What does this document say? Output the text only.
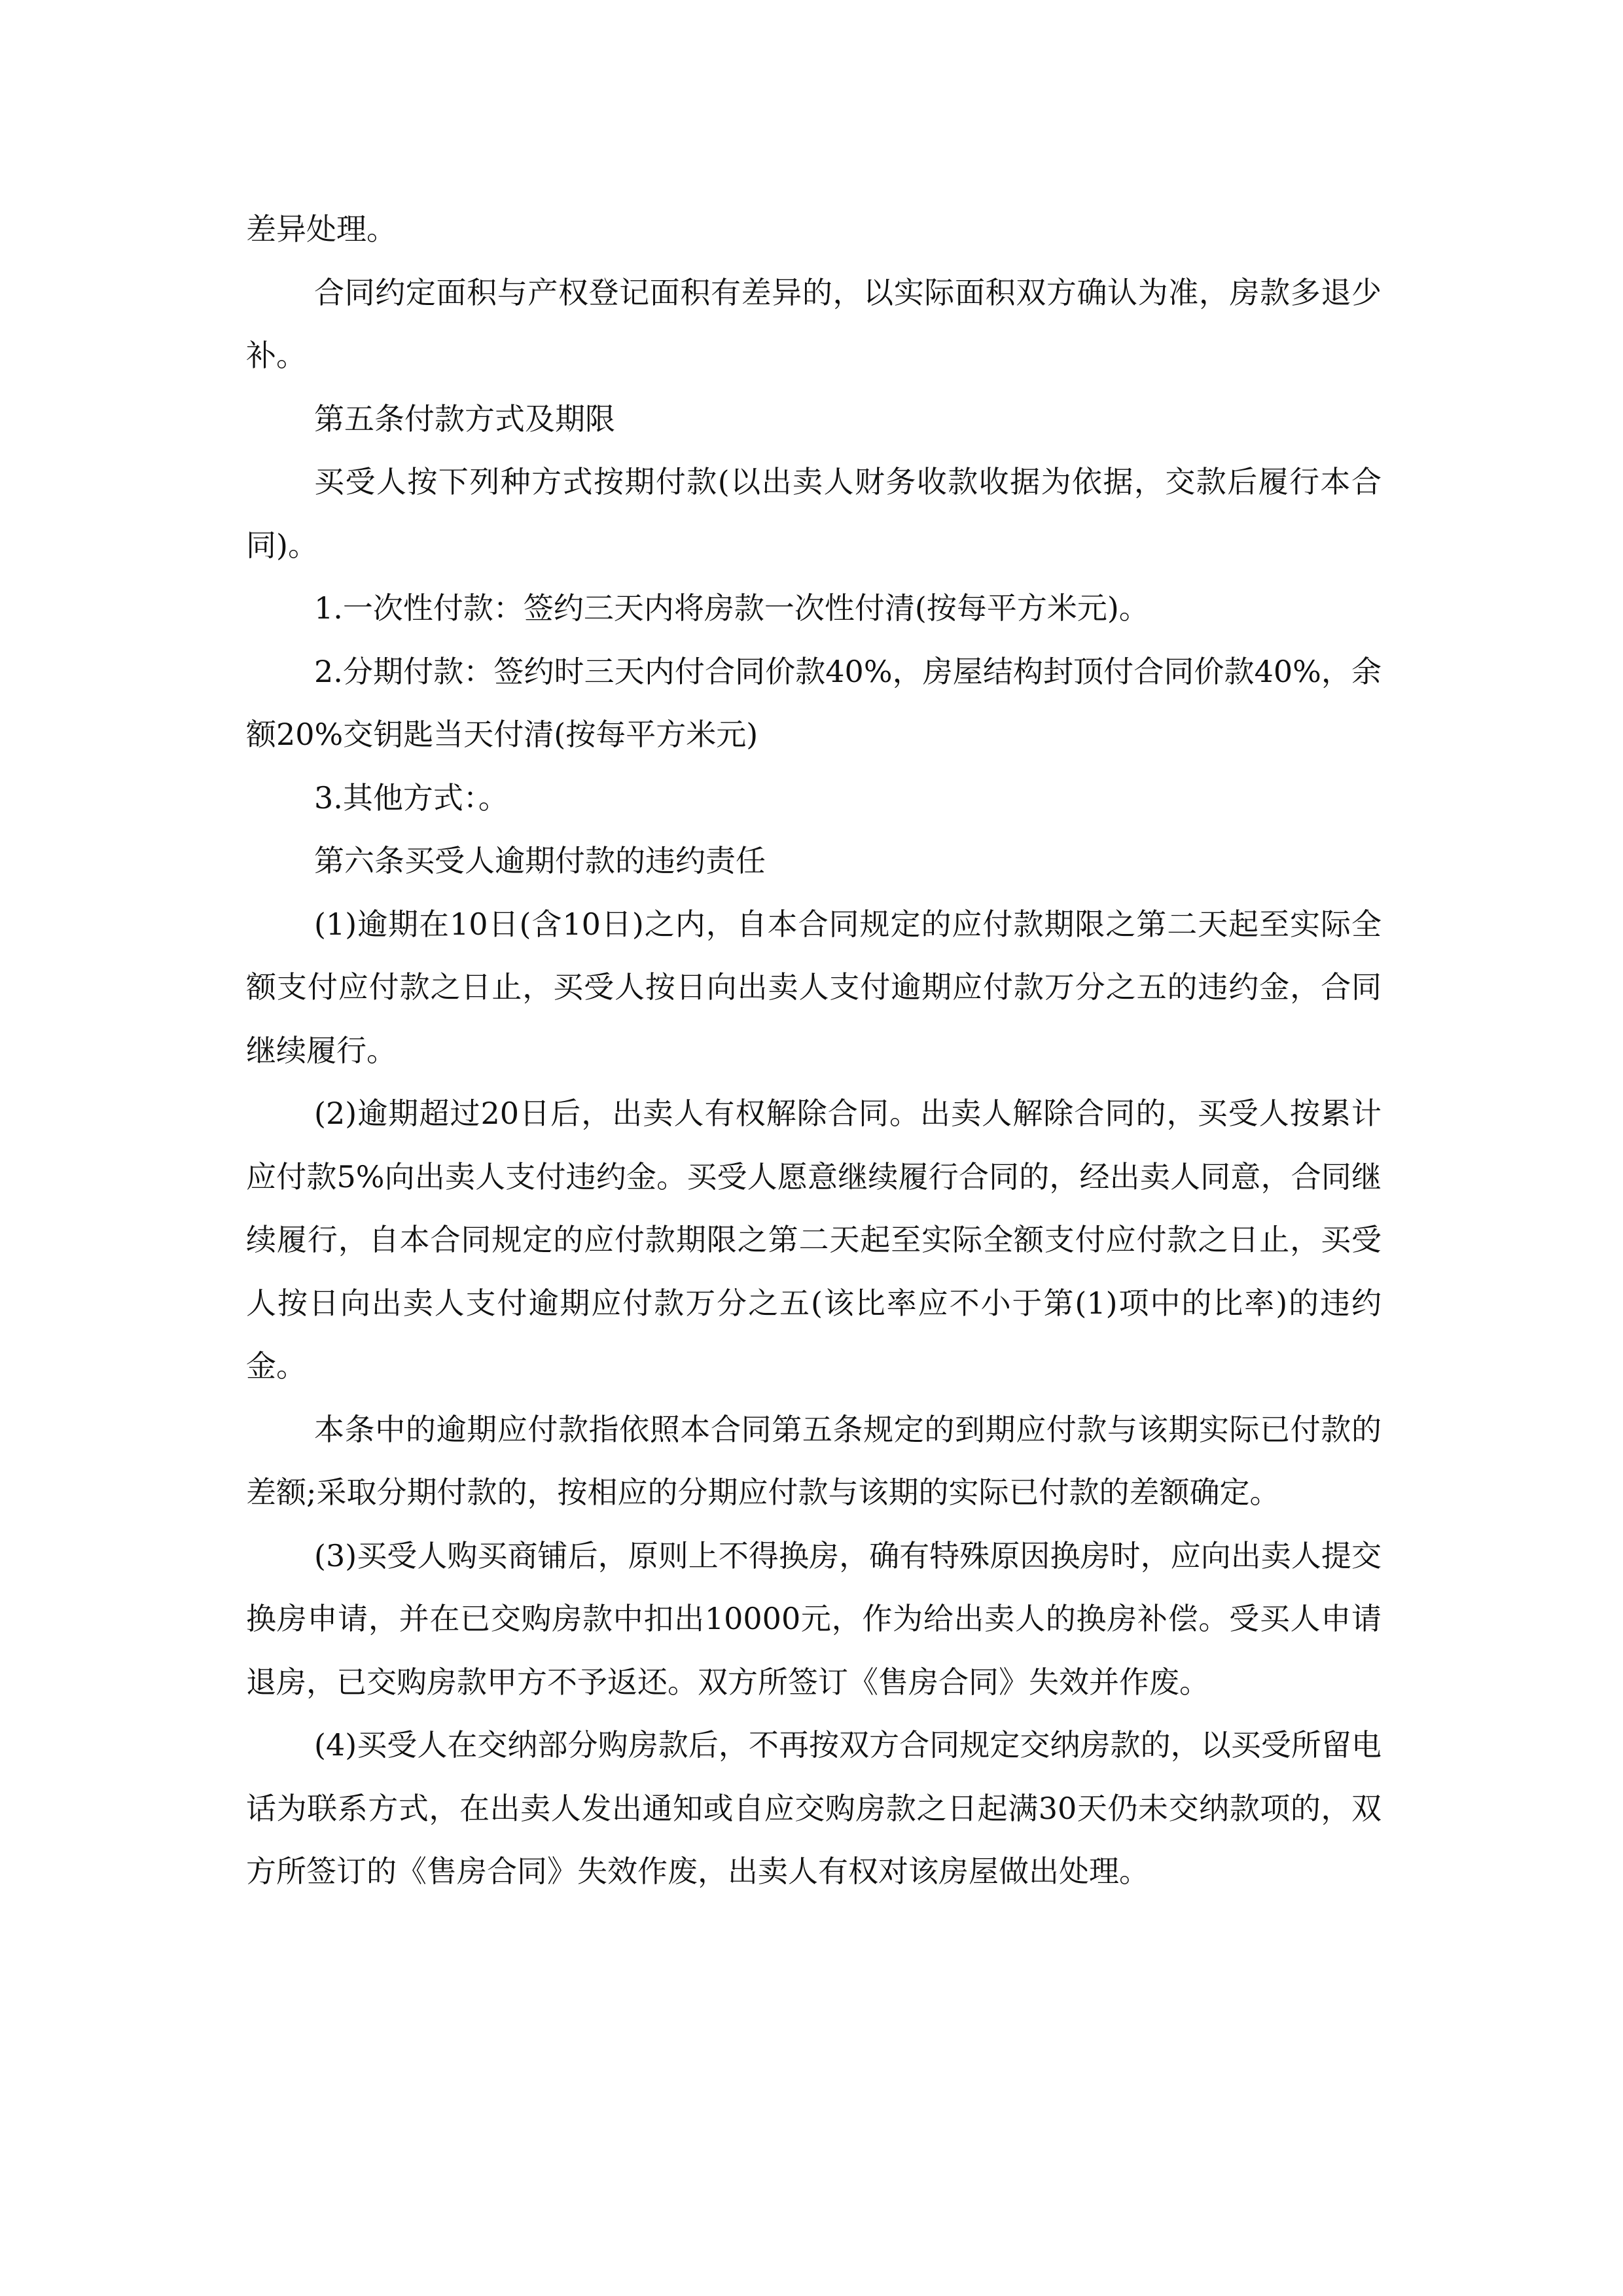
差异处理。

合同约定面积与产权登记面积有差异的，以实际面积双方确认为准，房款多退少补。

第五条付款方式及期限

买受人按下列种方式按期付款(以出卖人财务收款收据为依据，交款后履行本合同)。

1.一次性付款：签约三天内将房款一次性付清(按每平方米元)。

2.分期付款：签约时三天内付合同价款40%，房屋结构封顶付合同价款40%，余额20%交钥匙当天付清(按每平方米元)

3.其他方式：。

第六条买受人逾期付款的违约责任

(1)逾期在10日(含10日)之内，自本合同规定的应付款期限之第二天起至实际全额支付应付款之日止，买受人按日向出卖人支付逾期应付款万分之五的违约金，合同继续履行。

(2)逾期超过20日后，出卖人有权解除合同。出卖人解除合同的，买受人按累计应付款5%向出卖人支付违约金。买受人愿意继续履行合同的，经出卖人同意，合同继续履行，自本合同规定的应付款期限之第二天起至实际全额支付应付款之日止，买受人按日向出卖人支付逾期应付款万分之五(该比率应不小于第(1)项中的比率)的违约金。

本条中的逾期应付款指依照本合同第五条规定的到期应付款与该期实际已付款的差额;采取分期付款的，按相应的分期应付款与该期的实际已付款的差额确定。

(3)买受人购买商铺后，原则上不得换房，确有特殊原因换房时，应向出卖人提交换房申请，并在已交购房款中扣出10000元，作为给出卖人的换房补偿。受买人申请退房，已交购房款甲方不予返还。双方所签订《售房合同》失效并作废。

(4)买受人在交纳部分购房款后，不再按双方合同规定交纳房款的，以买受所留电话为联系方式，在出卖人发出通知或自应交购房款之日起满30天仍未交纳款项的，双方所签订的《售房合同》失效作废，出卖人有权对该房屋做出处理。
